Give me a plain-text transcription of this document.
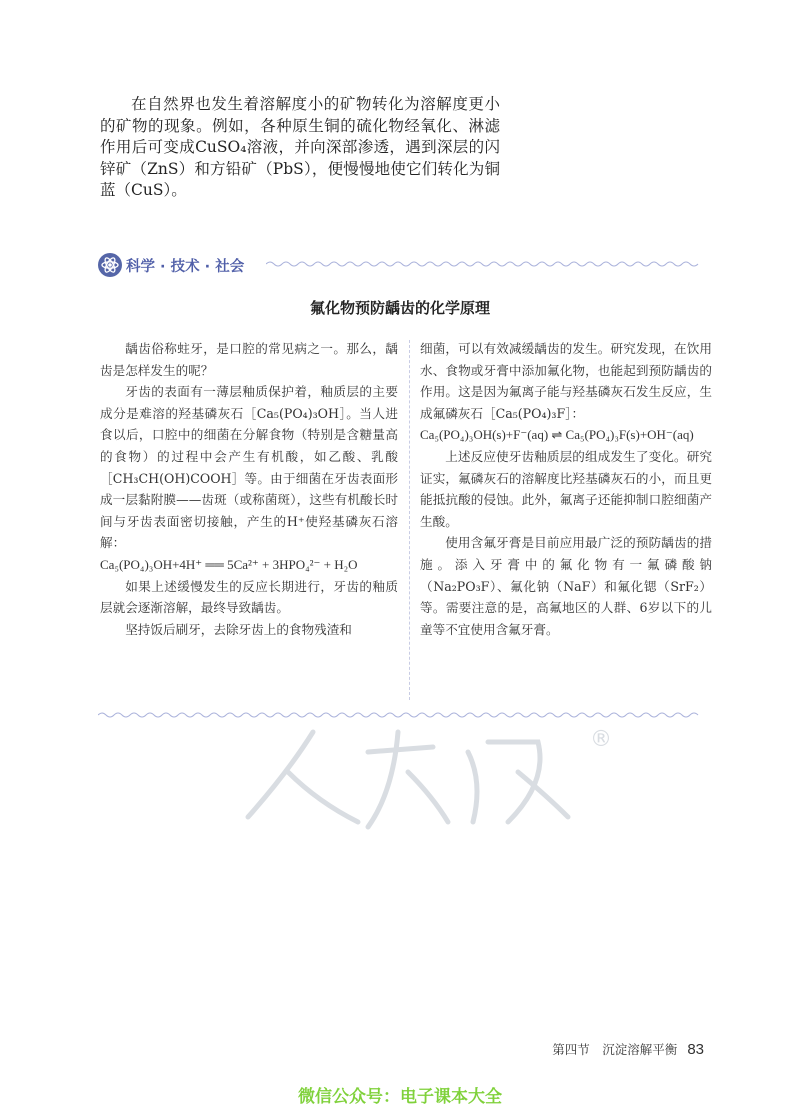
在自然界也发生着溶解度小的矿物转化为溶解度更小的矿物的现象。例如，各种原生铜的硫化物经氧化、淋滤作用后可变成CuSO₄溶液，并向深部渗透，遇到深层的闪锌矿（ZnS）和方铅矿（PbS），便慢慢地使它们转化为铜蓝（CuS）。

科学 · 技术 · 社会
氟化物预防龋齿的化学原理

龋齿俗称蛀牙，是口腔的常见病之一。那么，龋齿是怎样发生的呢？

牙齿的表面有一薄层釉质保护着，釉质层的主要成分是难溶的羟基磷灰石［Ca₅(PO₄)₃OH］。当人进食以后，口腔中的细菌在分解食物（特别是含糖量高的食物）的过程中会产生有机酸，如乙酸、乳酸［CH₃CH(OH)COOH］等。由于细菌在牙齿表面形成一层黏附膜——齿斑（或称菌斑），这些有机酸长时间与牙齿表面密切接触，产生的H⁺使羟基磷灰石溶解：

Ca₅(PO₄)₃OH+4H⁺ ══ 5Ca²⁺ + 3HPO₄²⁻ + H₂O

如果上述缓慢发生的反应长期进行，牙齿的釉质层就会逐渐溶解，最终导致龋齿。

坚持饭后刷牙，去除牙齿上的食物残渣和

细菌，可以有效减缓龋齿的发生。研究发现，在饮用水、食物或牙膏中添加氟化物，也能起到预防龋齿的作用。这是因为氟离子能与羟基磷灰石发生反应，生成氟磷灰石［Ca₅(PO₄)₃F］：

Ca₅(PO₄)₃OH(s)+F⁻(aq) ⇌ Ca₅(PO₄)₃F(s)+OH⁻(aq)

上述反应使牙齿釉质层的组成发生了变化。研究证实，氟磷灰石的溶解度比羟基磷灰石的小，而且更能抵抗酸的侵蚀。此外，氟离子还能抑制口腔细菌产生酸。

使用含氟牙膏是目前应用最广泛的预防龋齿的措施。添入牙膏中的氟化物有一氟磷酸钠（Na₂PO₃F）、氟化钠（NaF）和氟化锶（SrF₂）等。需要注意的是，高氟地区的人群、6岁以下的儿童等不宜使用含氟牙膏。

®
第四节　沉淀溶解平衡 83
微信公众号：电子课本大全
